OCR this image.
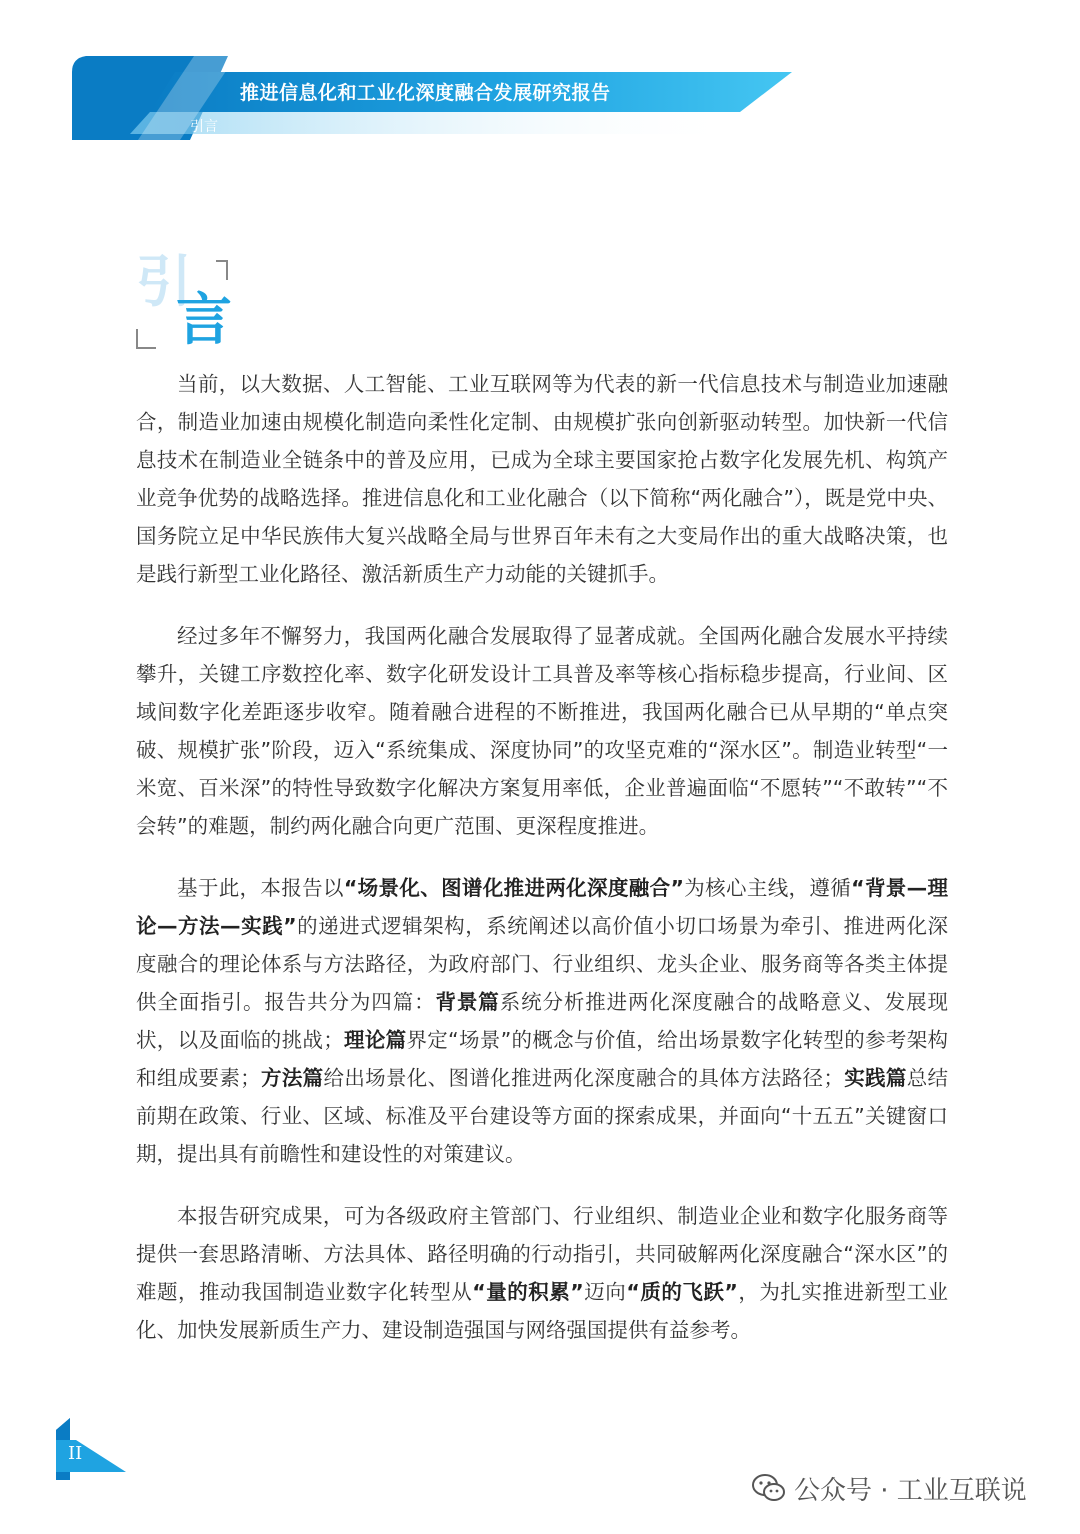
推进信息化和工业化深度融合发展研究报告
引言
引
言

当前，以大数据、人工智能、工业互联网等为代表的新一代信息技术与制造业加速融合，制造业加速由规模化制造向柔性化定制、由规模扩张向创新驱动转型。加快新一代信息技术在制造业全链条中的普及应用，已成为全球主要国家抢占数字化发展先机、构筑产业竞争优势的战略选择。推进信息化和工业化融合（以下简称“两化融合”），既是党中央、国务院立足中华民族伟大复兴战略全局与世界百年未有之大变局作出的重大战略决策，也是践行新型工业化路径、激活新质生产力动能的关键抓手。

经过多年不懈努力，我国两化融合发展取得了显著成就。全国两化融合发展水平持续攀升，关键工序数控化率、数字化研发设计工具普及率等核心指标稳步提高，行业间、区域间数字化差距逐步收窄。随着融合进程的不断推进，我国两化融合已从早期的“单点突破、规模扩张”阶段，迈入“系统集成、深度协同”的攻坚克难的“深水区”。制造业转型“一米宽、百米深”的特性导致数字化解决方案复用率低，企业普遍面临“不愿转”“不敢转”“不会转”的难题，制约两化融合向更广范围、更深程度推进。

基于此，本报告以“场景化、图谱化推进两化深度融合”为核心主线，遵循“背景—理论—方法—实践”的递进式逻辑架构，系统阐述以高价值小切口场景为牵引、推进两化深度融合的理论体系与方法路径，为政府部门、行业组织、龙头企业、服务商等各类主体提供全面指引。报告共分为四篇：背景篇系统分析推进两化深度融合的战略意义、发展现状，以及面临的挑战；理论篇界定“场景”的概念与价值，给出场景数字化转型的参考架构和组成要素；方法篇给出场景化、图谱化推进两化深度融合的具体方法路径；实践篇总结前期在政策、行业、区域、标准及平台建设等方面的探索成果，并面向“十五五”关键窗口期，提出具有前瞻性和建设性的对策建议。

本报告研究成果，可为各级政府主管部门、行业组织、制造业企业和数字化服务商等提供一套思路清晰、方法具体、路径明确的行动指引，共同破解两化深度融合“深水区”的难题，推动我国制造业数字化转型从“量的积累”迈向“质的飞跃”，为扎实推进新型工业化、加快发展新质生产力、建设制造强国与网络强国提供有益参考。

II
公众号 · 工业互联说
